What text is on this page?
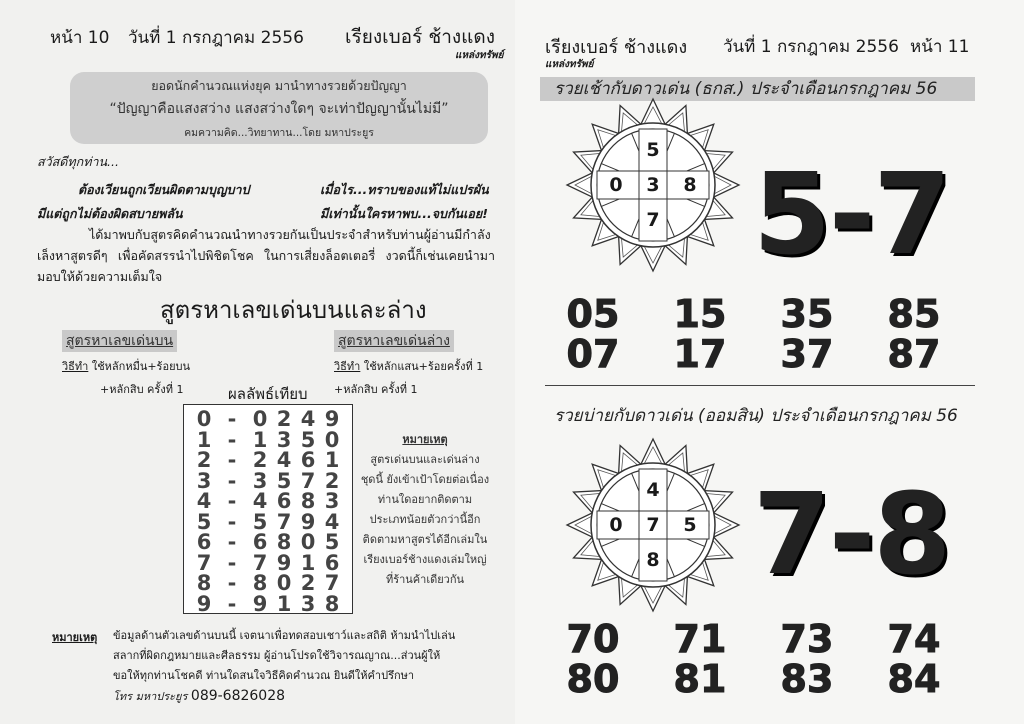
หน้า 10 วันที่ 1 กรกฎาคม 2556 เรียงเบอร์ ช้างแดง
แหล่งทรัพย์
ยอดนักคำนวณแห่งยุค มานำทางรวยด้วยปัญญา
“ปัญญาคือแสงสว่าง แสงสว่างใดๆ จะเท่าปัญญานั้นไม่มี”
คมความคิด...วิทยาทาน...โดย มหาประยูร
สวัสดีทุกท่าน...
ต้องเวียนถูกเวียนผิดตามบุญบาป	เมื่อไร...ทราบของแท้ไม่แปรผัน
มีแต่ถูกไม่ต้องผิดสบายพลัน	มีเท่านั้นใครหาพบ...จบกันเอย!
ได้มาพบกับสูตรคิดคำนวณนำทางรวยกันเป็นประจำสำหรับท่านผู้อ่านมีกำลังเล็งหาสูตรดีๆ เพื่อคัดสรรนำไปพิชิตโชค ในการเสี่ยงล็อตเตอรี่ งวดนี้ก็เช่นเคยนำมามอบให้ด้วยความเต็มใจ
สูตรหาเลขเด่นบนและล่าง
สูตรหาเลขเด่นบน
วิธีทำ ใช้หลักหมื่น+ร้อยบน
+หลักสิบ ครั้งที่ 1
สูตรหาเลขเด่นล่าง
วิธีทำ ใช้หลักแสน+ร้อยครั้งที่ 1
+หลักสิบ ครั้งที่ 1
ผลลัพธ์เทียบ
0 - 0 2 4 9
1 - 1 3 5 0
2 - 2 4 6 1
3 - 3 5 7 2
4 - 4 6 8 3
5 - 5 7 9 4
6 - 6 8 0 5
7 - 7 9 1 6
8 - 8 0 2 7
9 - 9 1 3 8
หมายเหตุ
สูตรเด่นบนและเด่นล่าง
ชุดนี้ ยังเข้าเป้าโดยต่อเนื่อง
ท่านใดอยากติดตาม
ประเภทน้อยตัวกว่านี้อีก
ติดตามหาสูตรได้อีกเล่มใน
เรียงเบอร์ช้างแดงเล่มใหญ่
ที่ร้านค้าเดียวกัน
หมายเหตุ ข้อมูลด้านตัวเลขด้านบนนี้ เจตนาเพื่อทดสอบเชาว์และสถิติ ห้ามนำไปเล่น
สลากที่ผิดกฎหมายและศีลธรรม ผู้อ่านโปรดใช้วิจารณญาณ...ส่วนผู้ให้
ขอให้ทุกท่านโชคดี ท่านใดสนใจวิธีคิดคำนวณ ยินดีให้คำปรึกษา
โทร มหาประยูร 089-6826028
เรียงเบอร์ ช้างแดง
แหล่งทรัพย์
วันที่ 1 กรกฎาคม 2556 หน้า 11
รวยเช้ากับดาวเด่น (ธกส.) ประจำเดือนกรกฎาคม 56
รวยบ่ายกับดาวเด่น (ออมสิน) ประจำเดือนกรกฎาคม 56
5
0 3 8
7 5-7
05	15	35	85
07	17	37	87
4
0 7 5
8 7-8
70	71	73	74
80	81	83	84
